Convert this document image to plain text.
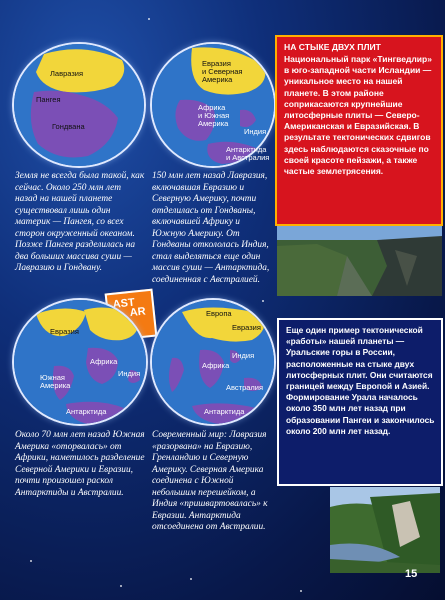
Лавразия
Пангея
Гондвана
Евразия
и Северная
Америка
Африка
и Южная
Америка
Индия
Антарктида
и Австралия
Земля не всегда была такой, как сейчас. Около 250 млн лет назад на нашей планете существовал лишь один материк — Пангея, со всех сторон окруженный океаном. Позже Пангея разделилась на два больших массива суши — Лавразию и Гондвану.
150 млн лет назад Лавразия, включавшая Евразию и Северную Америку, почти отделилась от Гондваны, включавшей Африку и Южную Америку. От Гондваны откололась Индия, стал выделяться еще один массив суши — Антарктида, соединенная с Австралией.
НА СТЫКЕ ДВУХ ПЛИТ
Национальный парк «Тингведлир» в юго-западной части Исландии — уникальное место на нашей планете. В этом районе соприкасаются крупнейшие литосферные плиты — Северо-Американская и Евразийская. В результате тектонических сдвигов здесь наблюдаются сказочные по своей красоте пейзажи, а также частые землетрясения.
AST
AR
Евразия
Африка
Южная
Америка
Индия
Антарктида
Европа
Евразия
Африка
Индия
Австралия
Антарктида
Около 70 млн лет назад Южная Америка «оторвалась» от Африки, наметилось разделение Северной Америки и Евразии, почти произошел раскол Антарктиды и Австралии.
Современный мир: Лавразия «разорвана» на Евразию, Гренландию и Северную Америку. Северная Америка соединена с Южной небольшим перешейком, а Индия «пришвартовалась» к Евразии. Антарктида отсоединена от Австралии.
Еще один пример тектонической «работы» нашей планеты — Уральские горы в России, расположенные на стыке двух литосферных плит. Они считаются границей между Европой и Азией. Формирование Урала началось около 350 млн лет назад при образовании Пангеи и закончилось около 200 млн лет назад.
15
